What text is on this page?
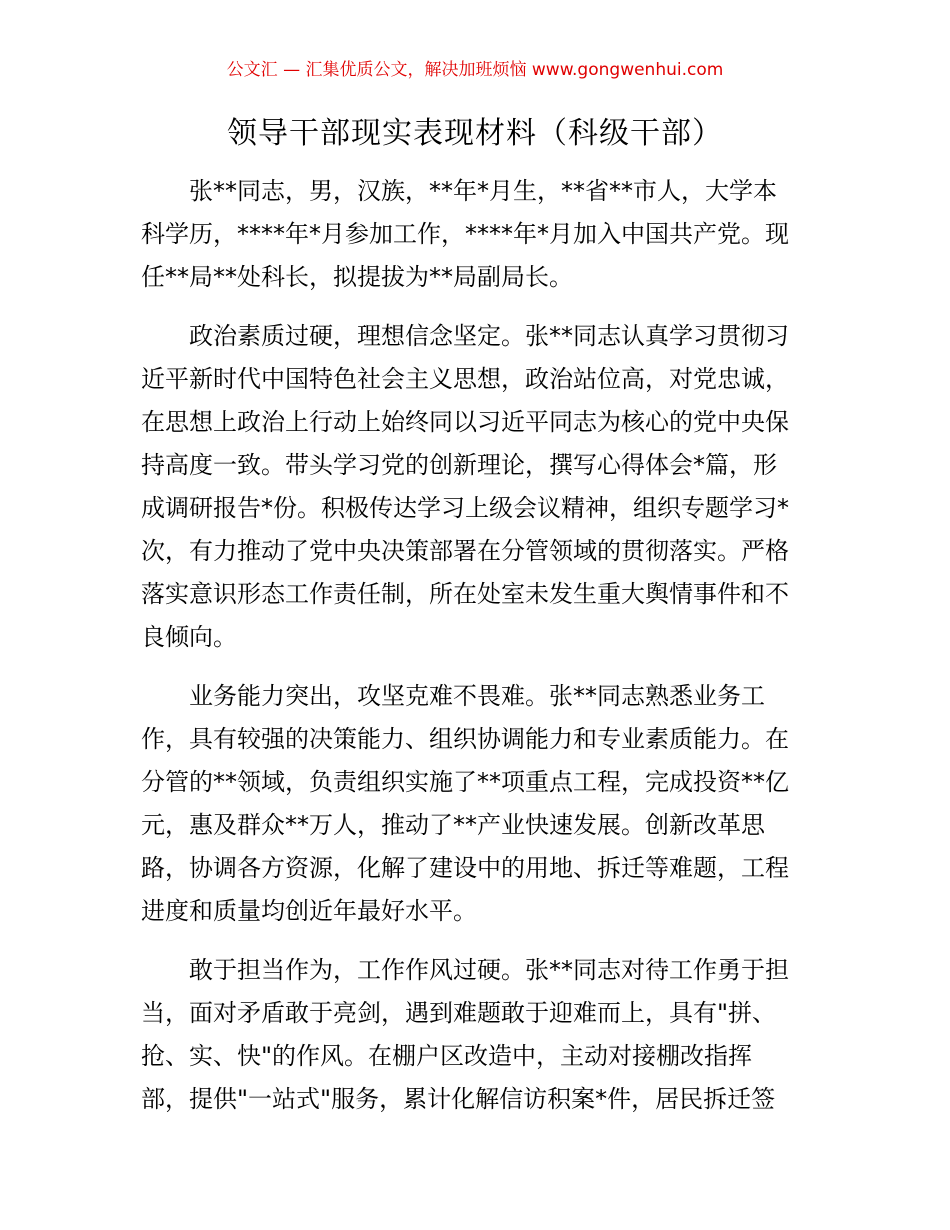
公文汇 — 汇集优质公文，解决加班烦恼 www.gongwenhui.com
领导干部现实表现材料（科级干部）
张**同志，男，汉族，**年*月生，**省**市人，大学本
科学历，****年*月参加工作，****年*月加入中国共产党。现
任**局**处科长，拟提拔为**局副局长。
政治素质过硬，理想信念坚定。张**同志认真学习贯彻习
近平新时代中国特色社会主义思想，政治站位高，对党忠诚，
在思想上政治上行动上始终同以习近平同志为核心的党中央保
持高度一致。带头学习党的创新理论，撰写心得体会*篇，形
成调研报告*份。积极传达学习上级会议精神，组织专题学习*
次，有力推动了党中央决策部署在分管领域的贯彻落实。严格
落实意识形态工作责任制，所在处室未发生重大舆情事件和不
良倾向。
业务能力突出，攻坚克难不畏难。张**同志熟悉业务工
作，具有较强的决策能力、组织协调能力和专业素质能力。在
分管的**领域，负责组织实施了**项重点工程，完成投资**亿
元，惠及群众**万人，推动了**产业快速发展。创新改革思
路，协调各方资源，化解了建设中的用地、拆迁等难题，工程
进度和质量均创近年最好水平。
敢于担当作为，工作作风过硬。张**同志对待工作勇于担
当，面对矛盾敢于亮剑，遇到难题敢于迎难而上，具有"拼、
抢、实、快"的作风。在棚户区改造中，主动对接棚改指挥
部，提供"一站式"服务，累计化解信访积案*件，居民拆迁签
